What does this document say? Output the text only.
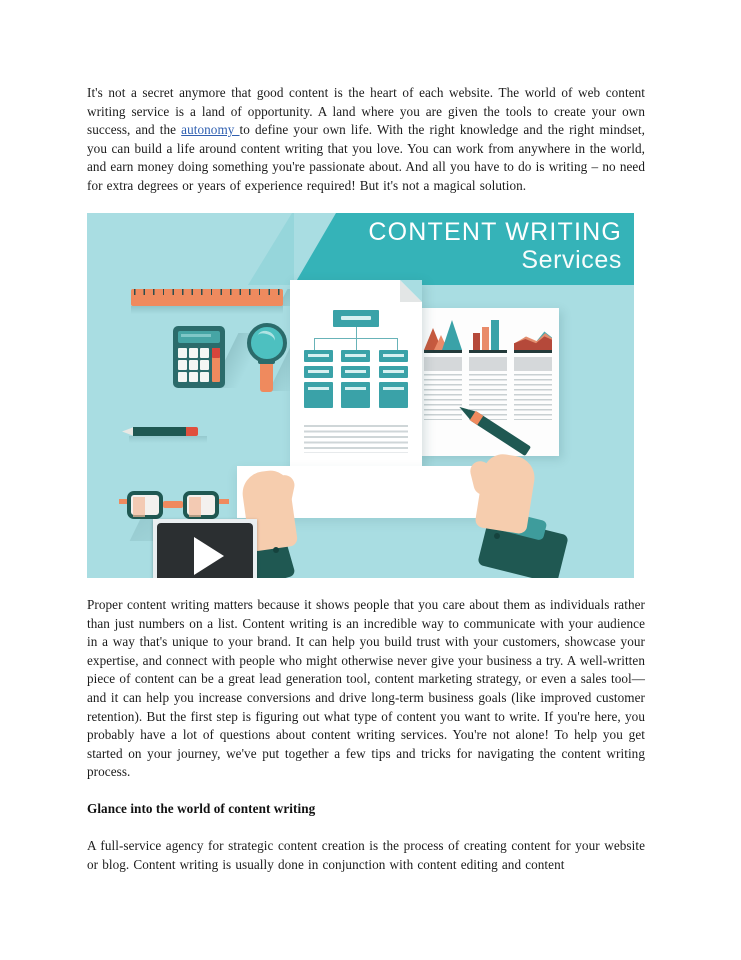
It's not a secret anymore that good content is the heart of each website. The world of web content writing service is a land of opportunity. A land where you are given the tools to create your own success, and the autonomy to define your own life. With the right knowledge and the right mindset, you can build a life around content writing that you love. You can work from anywhere in the world, and earn money doing something you're passionate about. And all you have to do is writing – no need for extra degrees or years of experience required! But it's not a magical solution.

Proper content writing matters because it shows people that you care about them as individuals rather than just numbers on a list. Content writing is an incredible way to communicate with your audience in a way that's unique to your brand. It can help you build trust with your customers, showcase your expertise, and connect with people who might otherwise never give your business a try. A well-written piece of content can be a great lead generation tool, content marketing strategy, or even a sales tool—and it can help you increase conversions and drive long-term business goals (like improved customer retention). But the first step is figuring out what type of content you want to write. If you're here, you probably have a lot of questions about content writing services. You're not alone! To help you get started on your journey, we've put together a few tips and tricks for navigating the content writing process.

Glance into the world of content writing

A full-service agency for strategic content creation is the process of creating content for your website or blog. Content writing is usually done in conjunction with content editing and content

CONTENT WRITING
Services
